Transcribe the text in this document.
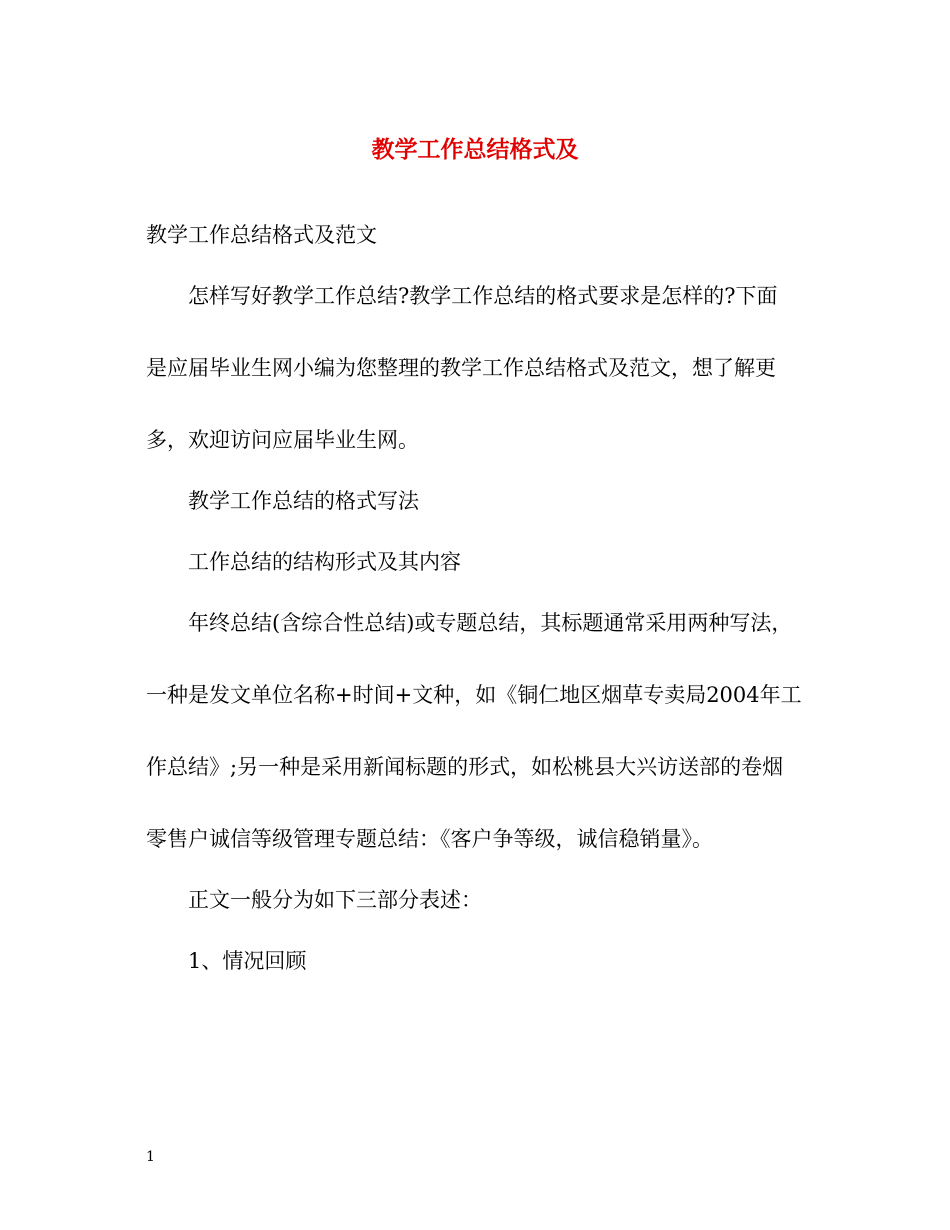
教学工作总结格式及
教学工作总结格式及范文
怎样写好教学工作总结?教学工作总结的格式要求是怎样的?下面
是应届毕业生网小编为您整理的教学工作总结格式及范文，想了解更
多，欢迎访问应届毕业生网。
教学工作总结的格式写法
工作总结的结构形式及其内容
年终总结(含综合性总结)或专题总结，其标题通常采用两种写法，
一种是发文单位名称+时间+文种，如《铜仁地区烟草专卖局2004年工
作总结》;另一种是采用新闻标题的形式，如松桃县大兴访送部的卷烟
零售户诚信等级管理专题总结：《客户争等级，诚信稳销量》。
正文一般分为如下三部分表述：
1、情况回顾
1
